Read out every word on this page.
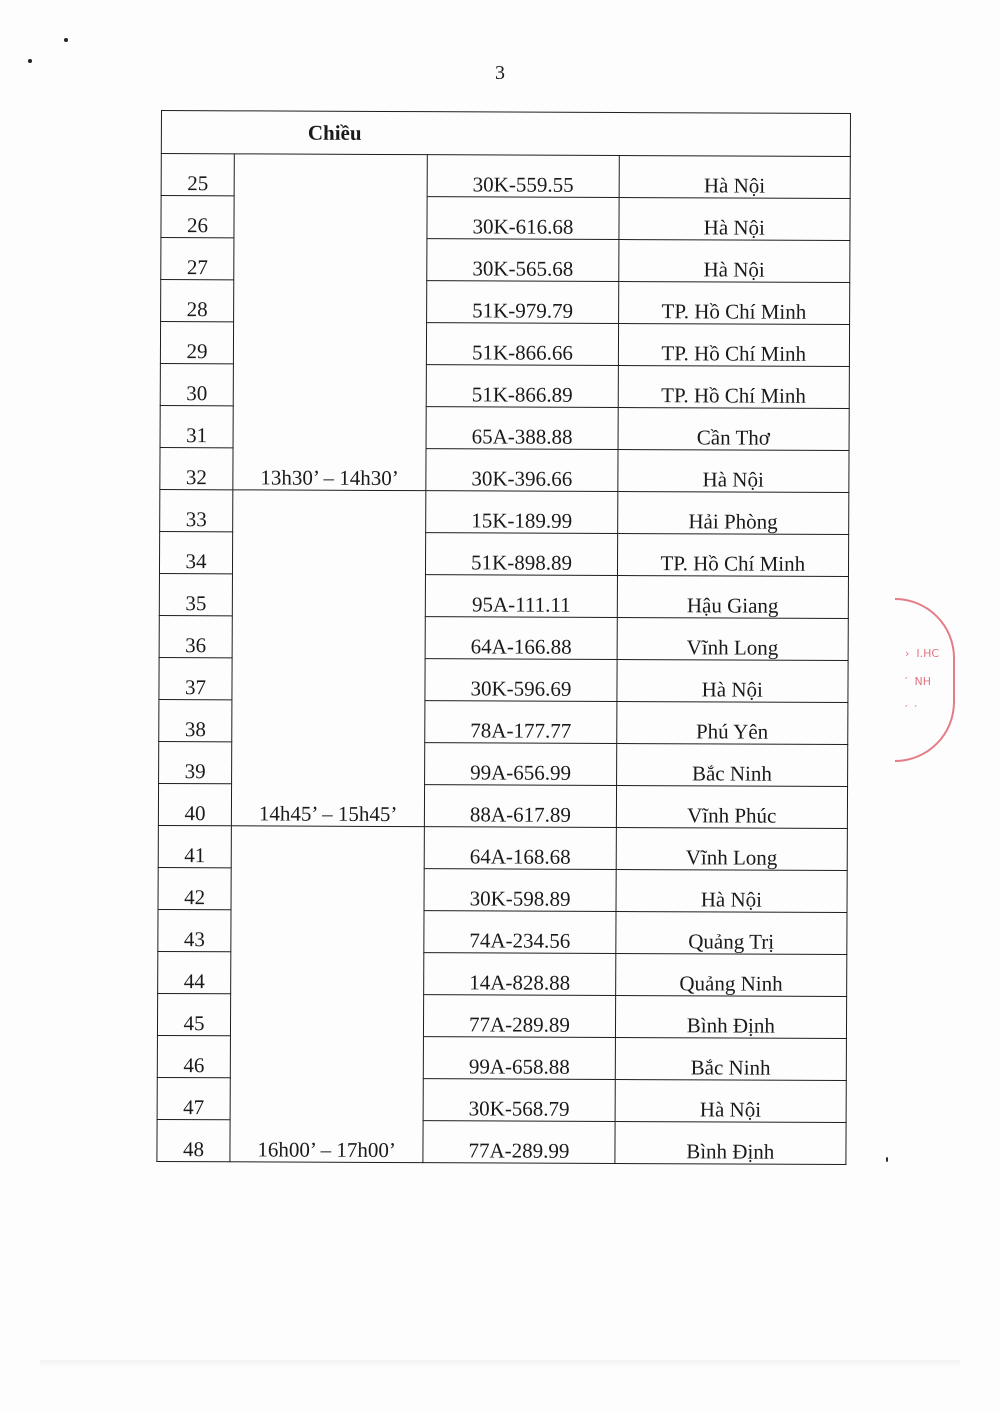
3
Chiều			
25	13h30’ – 14h30’	30K-559.55	Hà Nội
26		30K-616.68	Hà Nội
27		30K-565.68	Hà Nội
28		51K-979.79	TP. Hồ Chí Minh
29		51K-866.66	TP. Hồ Chí Minh
30		51K-866.89	TP. Hồ Chí Minh
31		65A-388.88	Cần Thơ
32		30K-396.66	Hà Nội
33	14h45’ – 15h45’	15K-189.99	Hải Phòng
34		51K-898.89	TP. Hồ Chí Minh
35		95A-111.11	Hậu Giang
36		64A-166.88	Vĩnh Long
37		30K-596.69	Hà Nội
38		78A-177.77	Phú Yên
39		99A-656.99	Bắc Ninh
40		88A-617.89	Vĩnh Phúc
41	16h00’ – 17h00’	64A-168.68	Vĩnh Long
42		30K-598.89	Hà Nội
43		74A-234.56	Quảng Trị
44		14A-828.88	Quảng Ninh
45		77A-289.89	Bình Định
46		99A-658.88	Bắc Ninh
47		30K-568.79	Hà Nội
48		77A-289.99	Bình Định
›  I.HC
′  NH
′  ′
